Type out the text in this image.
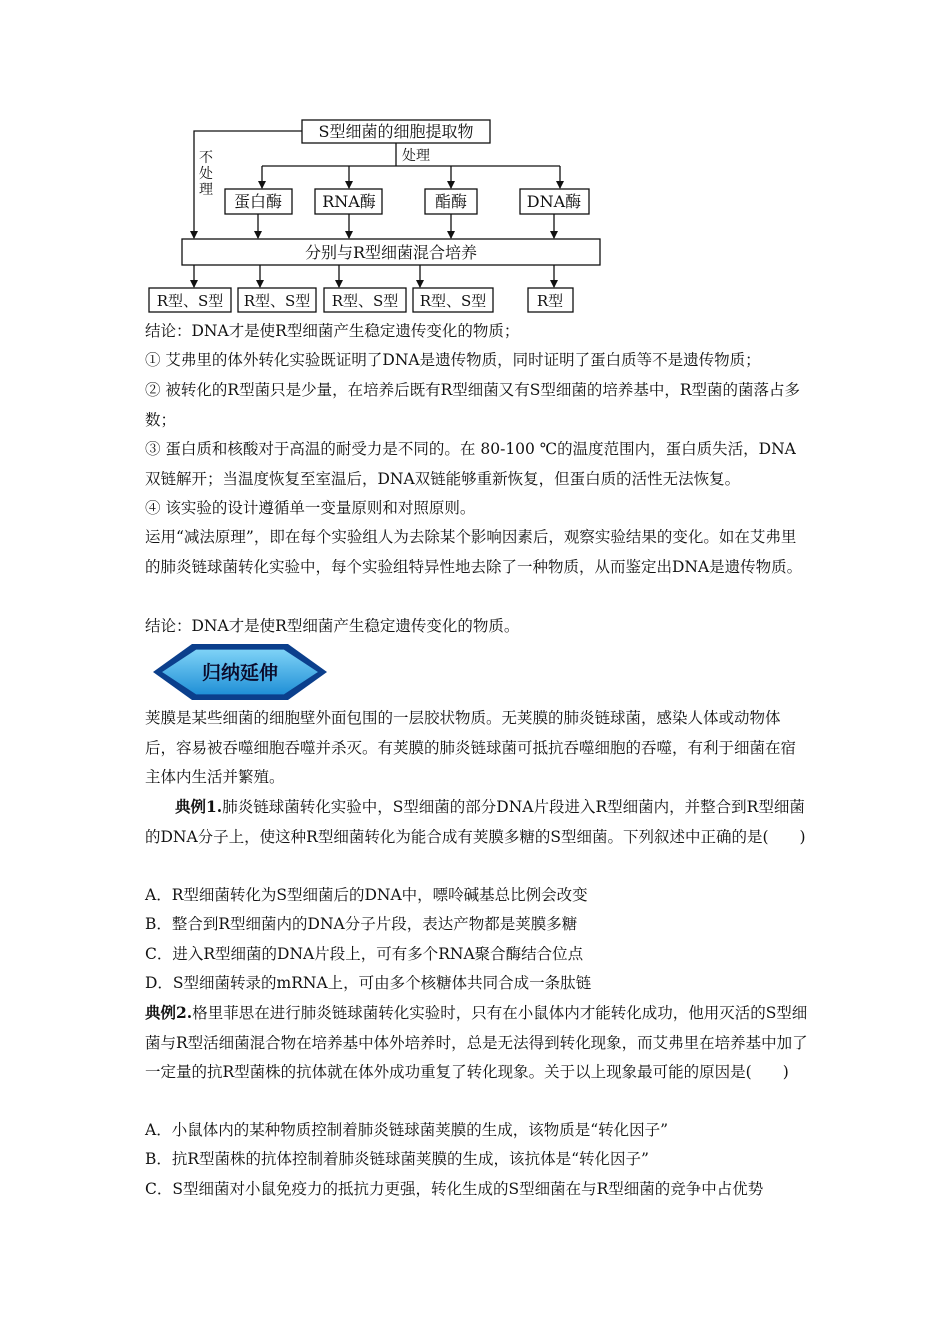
S型细菌的细胞提取物
不
处
理
处理
蛋白酶	RNA酶	酯酶	DNA酶
分别与R型细菌混合培养
R型、S型 R型、S型 R型、S型 R型、S型	R型

结论：DNA才是使R型细菌产生稳定遗传变化的物质；

① 艾弗里的体外转化实验既证明了DNA是遗传物质，同时证明了蛋白质等不是遗传物质；

② 被转化的R型菌只是少量，在培养后既有R型细菌又有S型细菌的培养基中，R型菌的菌落占多数；

③ 蛋白质和核酸对于高温的耐受力是不同的。在 80-100 ℃的温度范围内，蛋白质失活，DNA双链解开；当温度恢复至室温后，DNA双链能够重新恢复，但蛋白质的活性无法恢复。

④ 该实验的设计遵循单一变量原则和对照原则。

运用“减法原理”，即在每个实验组人为去除某个影响因素后，观察实验结果的变化。如在艾弗里的肺炎链球菌转化实验中，每个实验组特异性地去除了一种物质，从而鉴定出DNA是遗传物质。

结论：DNA才是使R型细菌产生稳定遗传变化的物质。

归纳延伸

荚膜是某些细菌的细胞壁外面包围的一层胶状物质。无荚膜的肺炎链球菌，感染人体或动物体后，容易被吞噬细胞吞噬并杀灭。有荚膜的肺炎链球菌可抵抗吞噬细胞的吞噬，有利于细菌在宿主体内生活并繁殖。

典例1.肺炎链球菌转化实验中，S型细菌的部分DNA片段进入R型细菌内，并整合到R型细菌的DNA分子上，使这种R型细菌转化为能合成有荚膜多糖的S型细菌。下列叙述中正确的是(　　)

A．R型细菌转化为S型细菌后的DNA中，嘌呤碱基总比例会改变

B．整合到R型细菌内的DNA分子片段，表达产物都是荚膜多糖

C．进入R型细菌的DNA片段上，可有多个RNA聚合酶结合位点

D．S型细菌转录的mRNA上，可由多个核糖体共同合成一条肽链

典例2.格里菲思在进行肺炎链球菌转化实验时，只有在小鼠体内才能转化成功，他用灭活的S型细菌与R型活细菌混合物在培养基中体外培养时，总是无法得到转化现象，而艾弗里在培养基中加了一定量的抗R型菌株的抗体就在体外成功重复了转化现象。关于以上现象最可能的原因是(　　)

A．小鼠体内的某种物质控制着肺炎链球菌荚膜的生成，该物质是“转化因子”

B．抗R型菌株的抗体控制着肺炎链球菌荚膜的生成，该抗体是“转化因子”

C．S型细菌对小鼠免疫力的抵抗力更强，转化生成的S型细菌在与R型细菌的竞争中占优势
